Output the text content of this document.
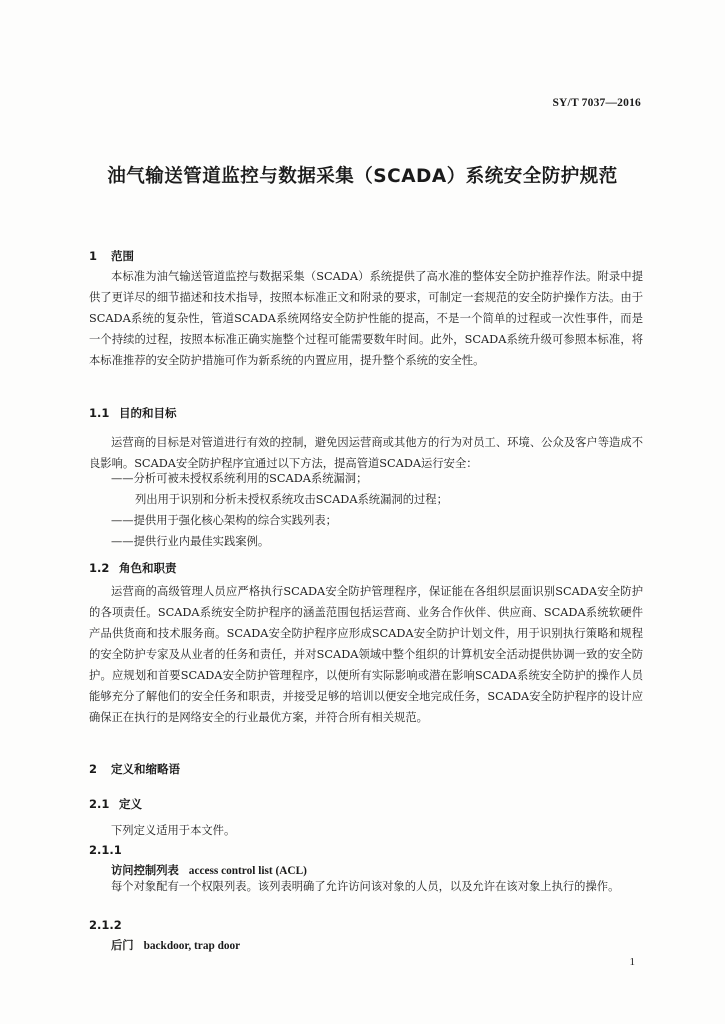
SY/T 7037—2016
油气输送管道监控与数据采集（SCADA）系统安全防护规范
1 范围
本标准为油气输送管道监控与数据采集（SCADA）系统提供了高水准的整体安全防护推荐作法。附录中提供了更详尽的细节描述和技术指导，按照本标准正文和附录的要求，可制定一套规范的安全防护操作方法。由于SCADA系统的复杂性，管道SCADA系统网络安全防护性能的提高，不是一个简单的过程或一次性事件，而是一个持续的过程，按照本标准正确实施整个过程可能需要数年时间。此外，SCADA系统升级可参照本标准，将本标准推荐的安全防护措施可作为新系统的内置应用，提升整个系统的安全性。
1.1 目的和目标
运营商的目标是对管道进行有效的控制，避免因运营商或其他方的行为对员工、环境、公众及客户等造成不良影响。SCADA安全防护程序宜通过以下方法，提高管道SCADA运行安全：
——分析可被未授权系统利用的SCADA系统漏洞；
列出用于识别和分析未授权系统攻击SCADA系统漏洞的过程；
——提供用于强化核心架构的综合实践列表；
——提供行业内最佳实践案例。
1.2 角色和职责
运营商的高级管理人员应严格执行SCADA安全防护管理程序，保证能在各组织层面识别SCADA安全防护的各项责任。SCADA系统安全防护程序的涵盖范围包括运营商、业务合作伙伴、供应商、SCADA系统软硬件产品供货商和技术服务商。SCADA安全防护程序应形成SCADA安全防护计划文件，用于识别执行策略和规程的安全防护专家及从业者的任务和责任，并对SCADA领域中整个组织的计算机安全活动提供协调一致的安全防护。应规划和首要SCADA安全防护管理程序，以便所有实际影响或潜在影响SCADA系统安全防护的操作人员能够充分了解他们的安全任务和职责，并接受足够的培训以便安全地完成任务，SCADA安全防护程序的设计应确保正在执行的是网络安全的行业最优方案，并符合所有相关规范。
2 定义和缩略语
2.1 定义
下列定义适用于本文件。
2.1.1
访问控制列表 access control list (ACL)
每个对象配有一个权限列表。该列表明确了允许访问该对象的人员，以及允许在该对象上执行的操作。
2.1.2
后门 backdoor, trap door
1
